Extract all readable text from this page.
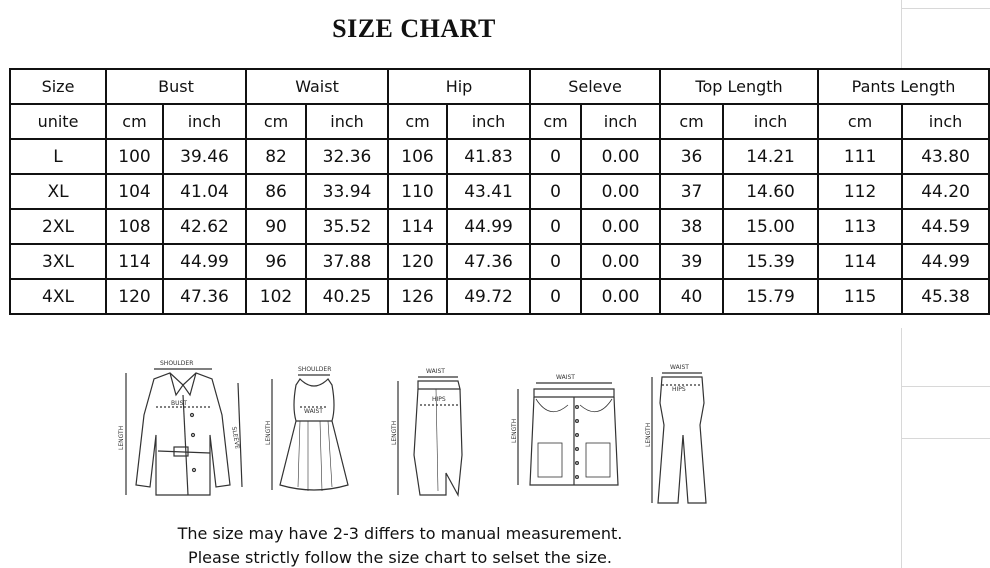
SIZE CHART
Size	Bust		Waist		Hip		Seleve		Top Length		Pants Length	
unite	cm	inch	cm	inch	cm	inch	cm	inch	cm	inch	cm	inch
L	100	39.46	82	32.36	106	41.83	0	0.00	36	14.21	111	43.80
XL	104	41.04	86	33.94	110	43.41	0	0.00	37	14.60	112	44.20
2XL	108	42.62	90	35.52	114	44.99	0	0.00	38	15.00	113	44.59
3XL	114	44.99	96	37.88	120	47.36	0	0.00	39	15.39	114	44.99
4XL	120	47.36	102	40.25	126	49.72	0	0.00	40	15.79	115	45.38
SHOULDER
BUST
LENGTH	SLEEVE
SHOULDER
WAIST
LENGTH
WAIST
HIPS
LENGTH
WAIST
LENGTH
WAIST
HIPS
LENGTH
The size may have 2-3 differs to manual measurement.
Please strictly follow the size chart to selset the size.
